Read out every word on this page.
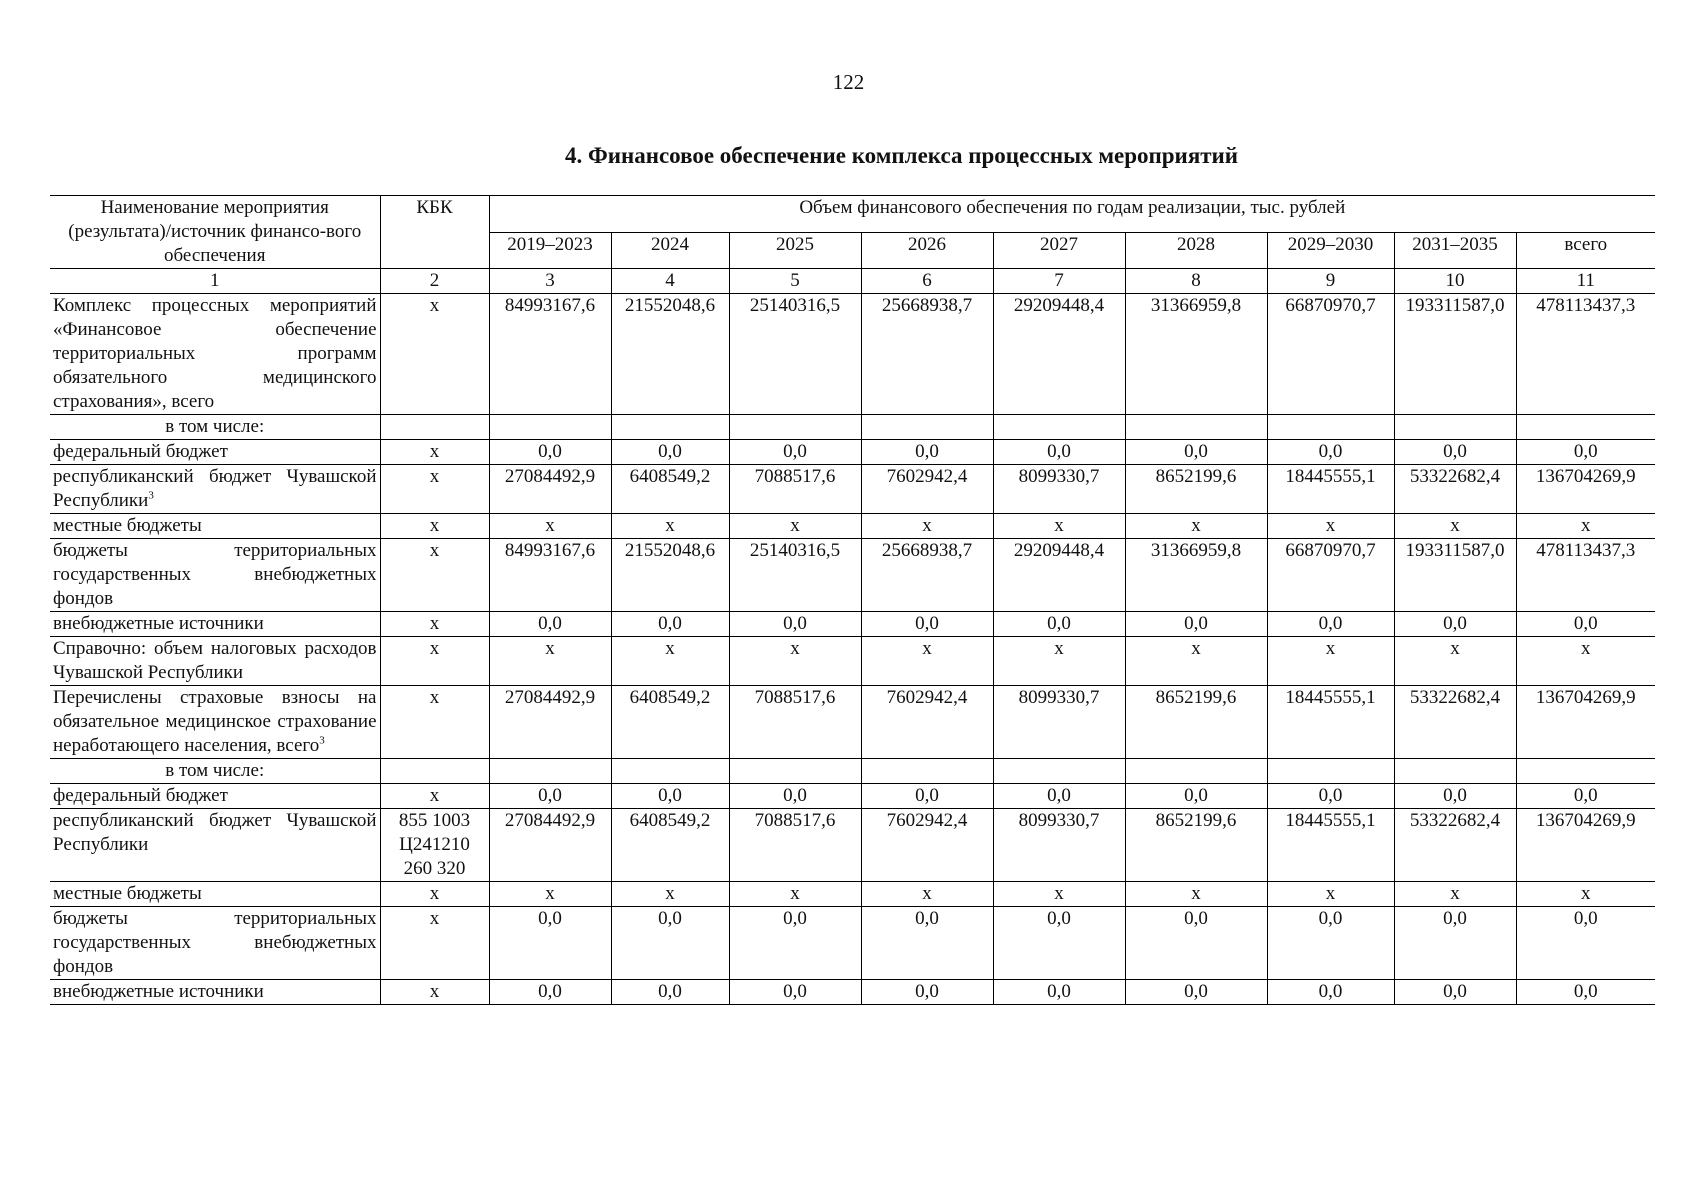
122
4. Финансовое обеспечение комплекса процессных мероприятий
Наименование мероприятия (результата)/источник финансо-вого обеспечения	КБК	Объем финансового обеспечения по годам реализации, тыс. рублей								
		2019–2023	2024	2025	2026	2027	2028	2029–2030	2031–2035	всего
1	2	3	4	5	6	7	8	9	10	11
Комплекс процессных мероприятий «Финансовое обеспечение территориальных программ обязательного медицинского страхования», всего	х	84993167,6	21552048,6	25140316,5	25668938,7	29209448,4	31366959,8	66870970,7	193311587,0	478113437,3
в том числе:										
федеральный бюджет	х	0,0	0,0	0,0	0,0	0,0	0,0	0,0	0,0	0,0
республиканский бюджет Чувашской Республики$^3$	х	27084492,9	6408549,2	7088517,6	7602942,4	8099330,7	8652199,6	18445555,1	53322682,4	136704269,9
местные бюджеты	х	х	х	х	х	х	х	х	х	х
бюджеты территориальных государственных внебюджетных фондов	х	84993167,6	21552048,6	25140316,5	25668938,7	29209448,4	31366959,8	66870970,7	193311587,0	478113437,3
внебюджетные источники	х	0,0	0,0	0,0	0,0	0,0	0,0	0,0	0,0	0,0
Справочно: объем налоговых расходов Чувашской Республики	х	х	х	х	х	х	х	х	х	х
Перечислены страховые взносы на обязательное медицинское страхование неработающего населения, всего$^3$	х	27084492,9	6408549,2	7088517,6	7602942,4	8099330,7	8652199,6	18445555,1	53322682,4	136704269,9
в том числе:										
федеральный бюджет	х	0,0	0,0	0,0	0,0	0,0	0,0	0,0	0,0	0,0
республиканский бюджет Чувашской Республики	855 1003 Ц241210 260 320	27084492,9	6408549,2	7088517,6	7602942,4	8099330,7	8652199,6	18445555,1	53322682,4	136704269,9
местные бюджеты	х	х	х	х	х	х	х	х	х	х
бюджеты территориальных государственных внебюджетных фондов	х	0,0	0,0	0,0	0,0	0,0	0,0	0,0	0,0	0,0
внебюджетные источники	х	0,0	0,0	0,0	0,0	0,0	0,0	0,0	0,0	0,0
